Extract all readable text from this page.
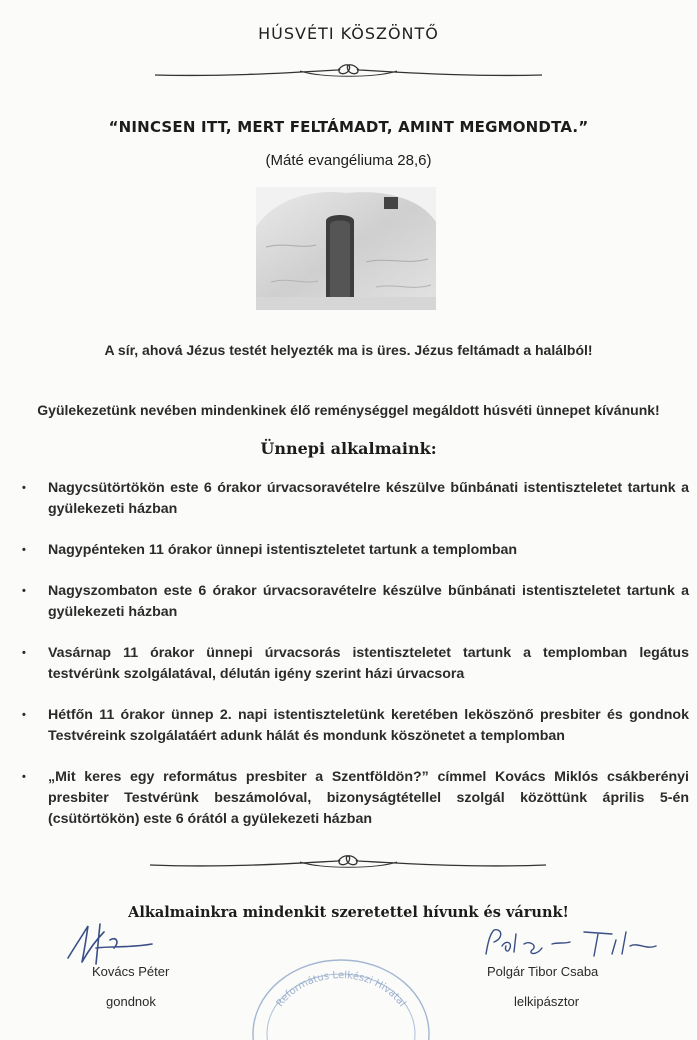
HÚSVÉTI KÖSZÖNTŐ
“NINCSEN ITT, MERT FELTÁMADT, AMINT MEGMONDTA.”
(Máté evangéliuma 28,6)
A sír, ahová Jézus testét helyezték ma is üres. Jézus feltámadt a halálból!
Gyülekezetünk nevében mindenkinek élő reménységgel megáldott húsvéti ünnepet kívánunk!
Ünnepi alkalmaink:
• Nagycsütörtökön este 6 órakor úrvacsoravételre készülve bűnbánati istentiszteletet tartunk a gyülekezeti házban
• Nagypénteken 11 órakor ünnepi istentiszteletet tartunk a templomban
• Nagyszombaton este 6 órakor úrvacsoravételre készülve bűnbánati istentiszteletet tartunk a gyülekezeti házban
• Vasárnap 11 órakor ünnepi úrvacsorás istentiszteletet tartunk a templomban legátus testvérünk szolgálatával, délután igény szerint házi úrvacsora
• Hétfőn 11 órakor ünnep 2. napi istentiszteletünk keretében leköszönő presbiter és gondnok Testvéreink szolgálatáért adunk hálát és mondunk köszönetet a templomban
• „Mit keres egy református presbiter a Szentföldön?” címmel Kovács Miklós csákberényi presbiter Testvérünk beszámolóval, bizonyságtétellel szolgál közöttünk április 5-én (csütörtökön) este 6 órától a gyülekezeti házban
Alkalmainkra mindenkit szeretettel hívunk és várunk!
Kovács Péter
gondnok
Polgár Tibor Csaba
lelkipásztor
Református Lelkészi Hivatal
